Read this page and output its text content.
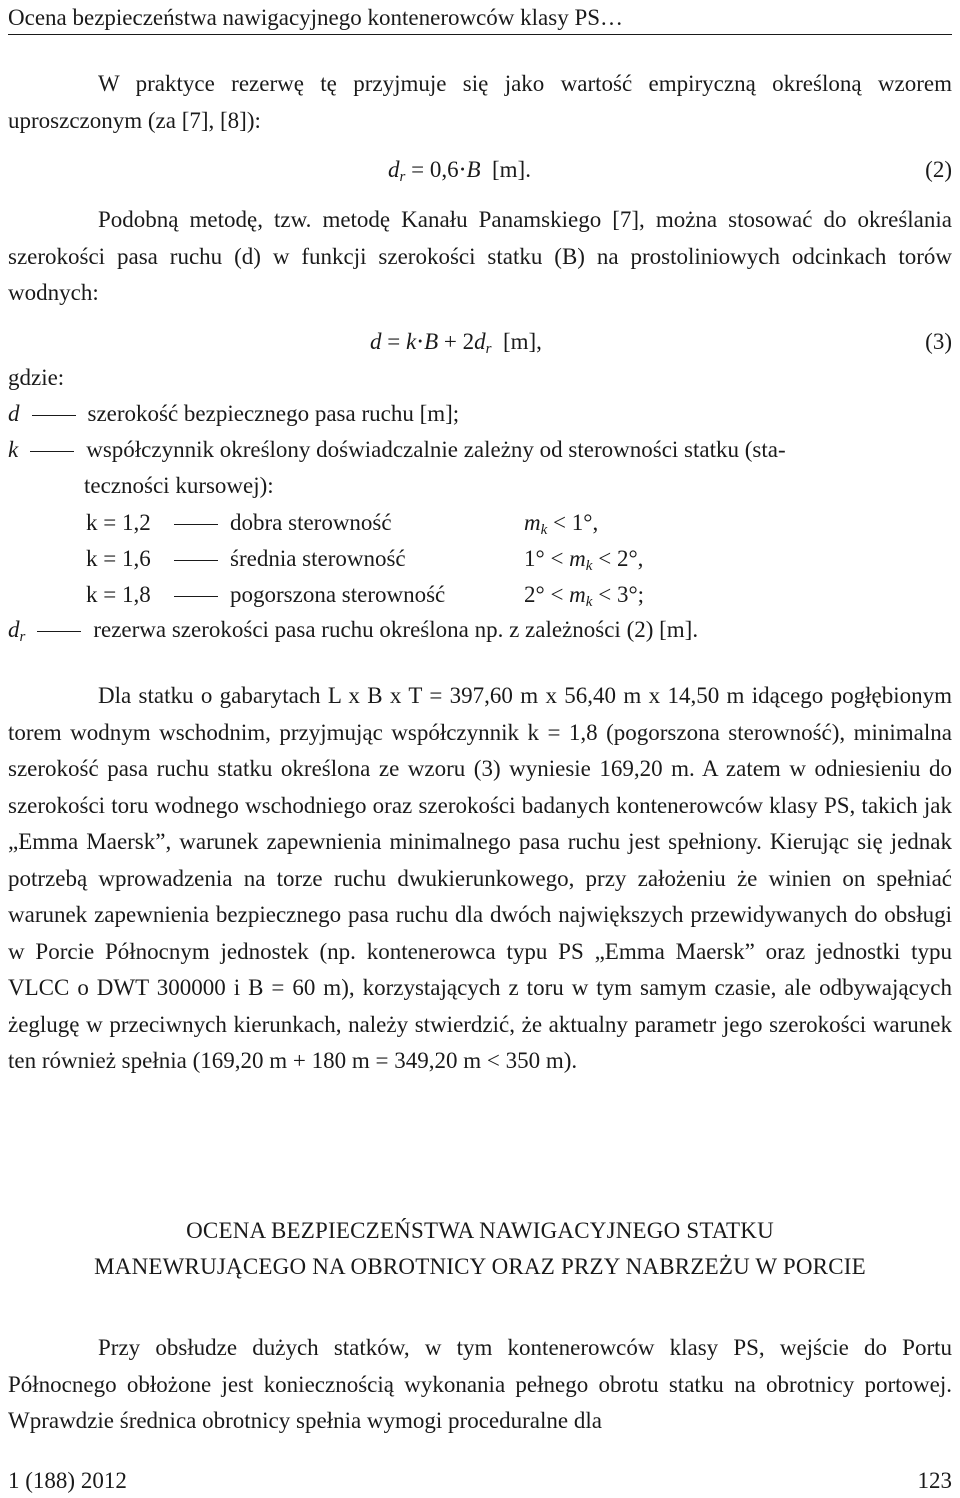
Ocena bezpieczeństwa nawigacyjnego kontenerowców klasy PS…

W praktyce rezerwę tę przyjmuje się jako wartość empiryczną określoną wzorem uproszczonym (za [7], [8]):

$d_r = 0,6\cdot B$  [m].	(2)

Podobną metodę, tzw. metodę Kanału Panamskiego [7], można stosować do określania szerokości pasa ruchu (d) w funkcji szerokości statku (B) na prostoliniowych odcinkach torów wodnych:

$d = k\cdot B + 2d_r$  [m],	(3)
gdzie:
d	szerokość bezpiecznego pasa ruchu [m];
k	współczynnik określony doświadczalnie zależny od sterowności statku (sta-
teczności kursowej):
k = 1,2	dobra sterowność	$m_k < 1^\circ$,
k = 1,6	średnia sterowność	$1^\circ < m_k < 2^\circ$,
k = 1,8	pogorszona sterowność	$2^\circ < m_k < 3^\circ$;
$d_r$	rezerwa szerokości pasa ruchu określona np. z zależności (2) [m].

Dla statku o gabarytach L x B x T = 397,60 m x 56,40 m x 14,50 m idącego pogłębionym torem wodnym wschodnim, przyjmując współczynnik k = 1,8 (pogorszona sterowność), minimalna szerokość pasa ruchu statku określona ze wzoru (3) wyniesie 169,20 m. A zatem w odniesieniu do szerokości toru wodnego wschodniego oraz szerokości badanych kontenerowców klasy PS, takich jak „Emma Maersk”, warunek zapewnienia minimalnego pasa ruchu jest spełniony. Kierując się jednak potrzebą wprowadzenia na torze ruchu dwukierunkowego, przy założeniu że winien on spełniać warunek zapewnienia bezpiecznego pasa ruchu dla dwóch największych przewidywanych do obsługi w Porcie Północnym jednostek (np. kontenerowca typu PS „Emma Maersk” oraz jednostki typu VLCC o DWT 300000 i B = 60 m), korzystających z toru w tym samym czasie, ale odbywających żeglugę w przeciwnych kierunkach, należy stwierdzić, że aktualny parametr jego szerokości warunek ten również spełnia (169,20 m + 180 m = 349,20 m < 350 m).

OCENA BEZPIECZEŃSTWA NAWIGACYJNEGO STATKU
MANEWRUJĄCEGO NA OBROTNICY ORAZ PRZY NABRZEŻU W PORCIE

Przy obsłudze dużych statków, w tym kontenerowców klasy PS, wejście do Portu Północnego obłożone jest koniecznością wykonania pełnego obrotu statku na obrotnicy portowej. Wprawdzie średnica obrotnicy spełnia wymogi proceduralne dla

1 (188) 2012	123
